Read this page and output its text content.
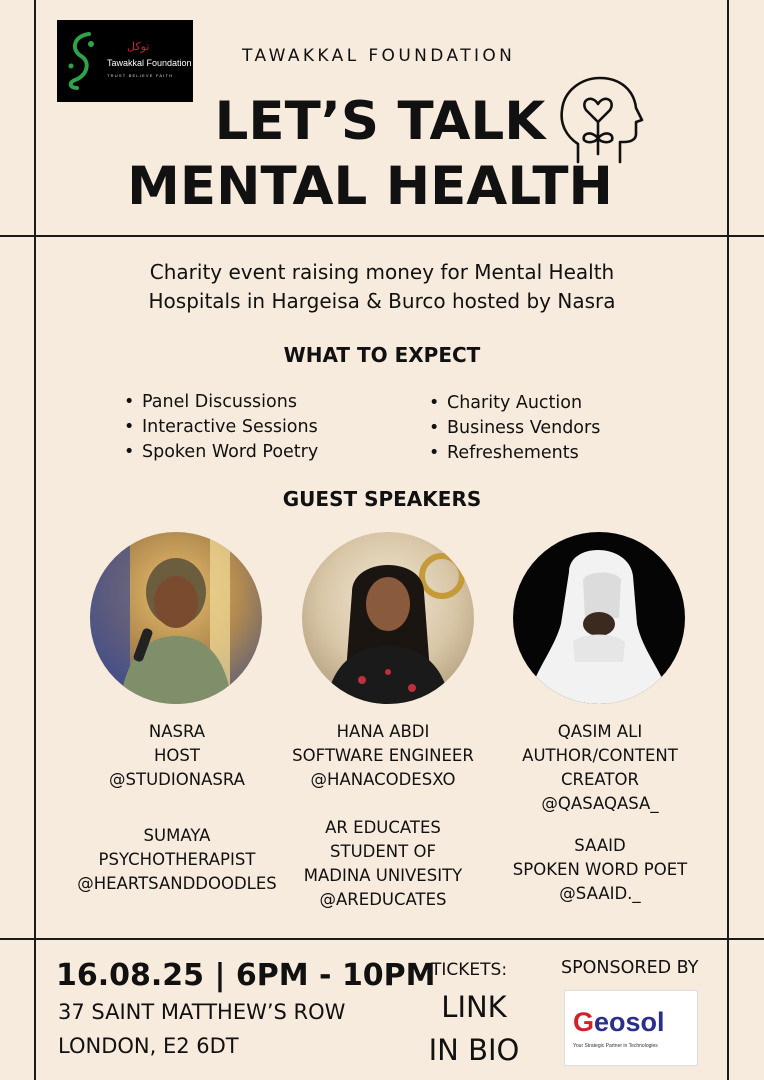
توكل
Tawakkal Foundation
TRUST BELIEVE FAITH
TAWAKKAL FOUNDATION
LET’S TALK
MENTAL HEALTH
Charity event raising money for Mental Health
Hospitals in Hargeisa & Burco hosted by Nasra
WHAT TO EXPECT
• Panel Discussions
• Interactive Sessions
• Spoken Word Poetry
• Charity Auction
• Business Vendors
• Refreshements
GUEST SPEAKERS
NASRA
HOST
@STUDIONASRA
SUMAYA
PSYCHOTHERAPIST
@HEARTSANDDOODLES
HANA ABDI
SOFTWARE ENGINEER
@HANACODESXO
AR EDUCATES
STUDENT OF
MADINA UNIVESITY
@AREDUCATES
QASIM ALI
AUTHOR/CONTENT
CREATOR
@QASAQASA_
SAAID
SPOKEN WORD POET
@SAAID._
16.08.25 | 6PM - 10PM
37 SAINT MATTHEW’S ROW
LONDON, E2 6DT
TICKETS:
LINK
IN BIO
SPONSORED BY
Geosol
Your Strategic Partner in Technologies
